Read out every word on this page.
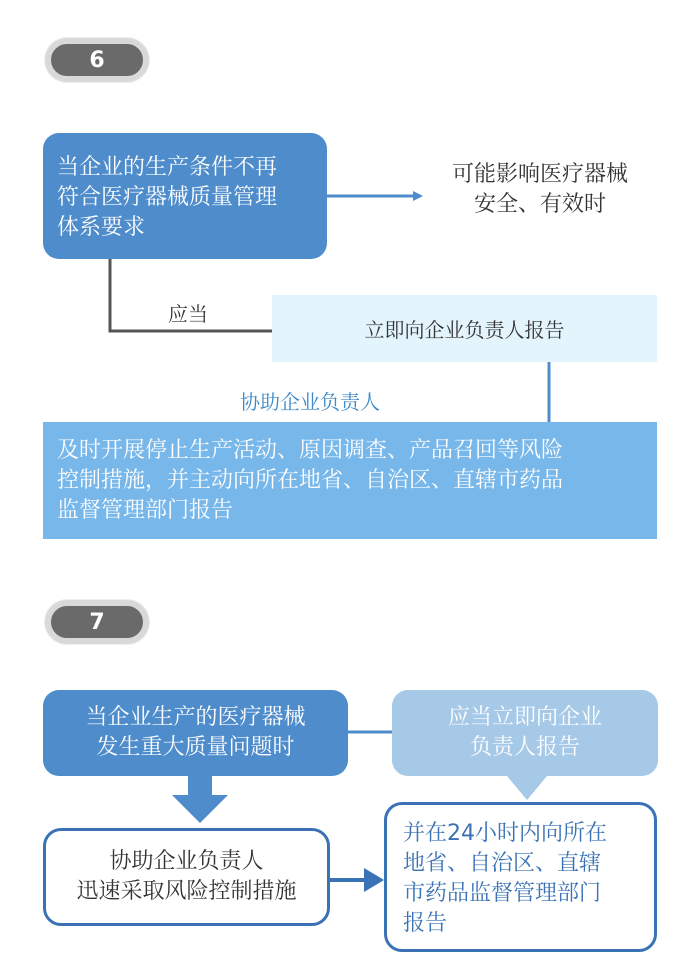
6
当企业的生产条件不再
符合医疗器械质量管理
体系要求
可能影响医疗器械
安全、有效时
应当
立即向企业负责人报告
协助企业负责人
及时开展停止生产活动、原因调查、产品召回等风险
控制措施，并主动向所在地省、自治区、直辖市药品
监督管理部门报告
7
当企业生产的医疗器械
发生重大质量问题时
应当立即向企业
负责人报告
协助企业负责人
迅速采取风险控制措施
并在24小时内向所在
地省、自治区、直辖
市药品监督管理部门
报告
